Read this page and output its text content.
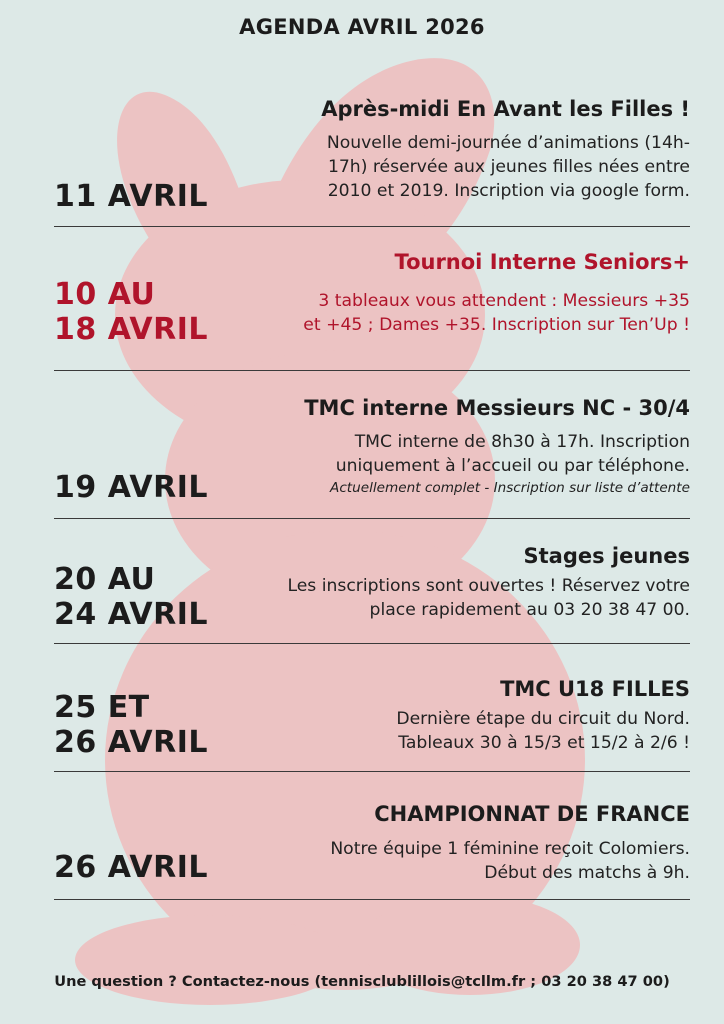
AGENDA AVRIL 2026
11 AVRIL
Après-midi En Avant les Filles !
Nouvelle demi-journée d’animations (14h-
17h) réservée aux jeunes filles nées entre
2010 et 2019. Inscription via google form.
10 AU
18 AVRIL
Tournoi Interne Seniors+
3 tableaux vous attendent : Messieurs +35
et +45 ; Dames +35. Inscription sur Ten’Up !
19 AVRIL
TMC interne Messieurs NC - 30/4
TMC interne de 8h30 à 17h. Inscription
uniquement à l’accueil ou par téléphone.
Actuellement complet - Inscription sur liste d’attente
20 AU
24 AVRIL
Stages jeunes
Les inscriptions sont ouvertes ! Réservez votre
place rapidement au 03 20 38 47 00.
25 ET
26 AVRIL
TMC U18 FILLES
Dernière étape du circuit du Nord.
Tableaux 30 à 15/3 et 15/2 à 2/6 !
26 AVRIL
CHAMPIONNAT DE FRANCE
Notre équipe 1 féminine reçoit Colomiers.
Début des matchs à 9h.
Une question ? Contactez-nous (tennisclublillois@tcllm.fr ; 03 20 38 47 00)
